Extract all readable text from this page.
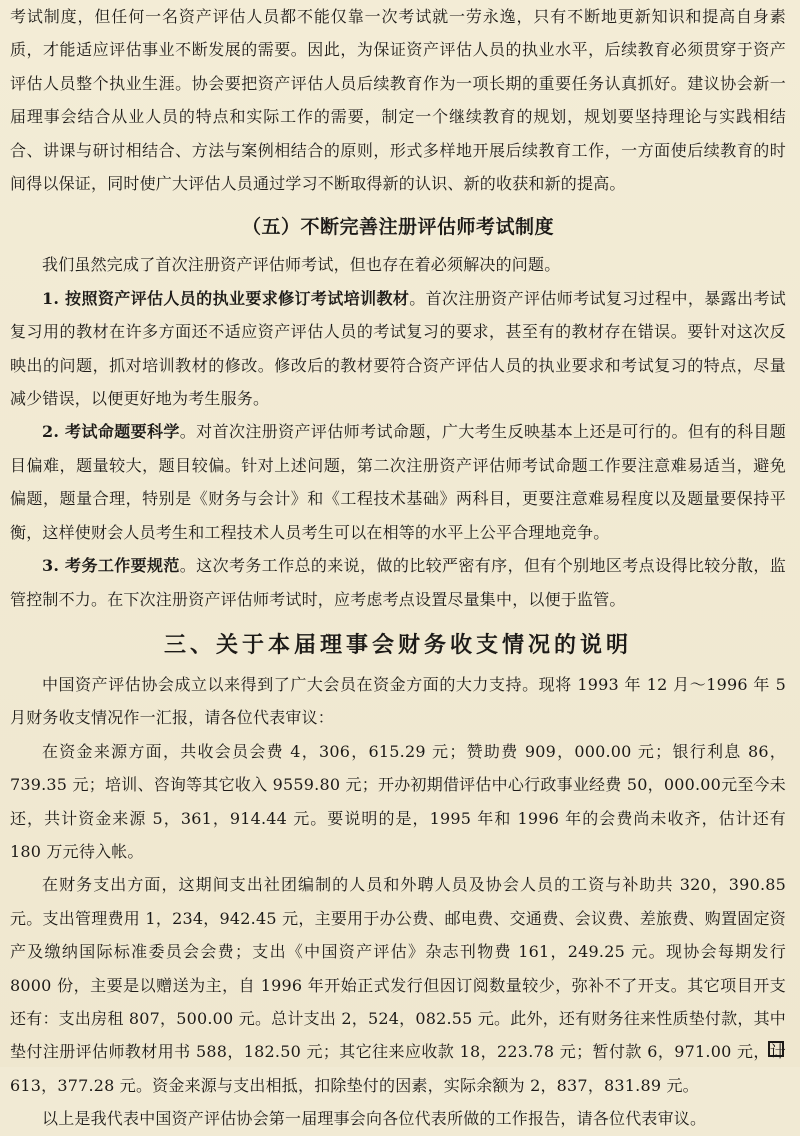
考试制度，但任何一名资产评估人员都不能仅靠一次考试就一劳永逸，只有不断地更新知识和提高自身素质，才能适应评估事业不断发展的需要。因此，为保证资产评估人员的执业水平，后续教育必须贯穿于资产评估人员整个执业生涯。协会要把资产评估人员后续教育作为一项长期的重要任务认真抓好。建议协会新一届理事会结合从业人员的特点和实际工作的需要，制定一个继续教育的规划，规划要坚持理论与实践相结合、讲课与研讨相结合、方法与案例相结合的原则，形式多样地开展后续教育工作，一方面使后续教育的时间得以保证，同时使广大评估人员通过学习不断取得新的认识、新的收获和新的提高。

（五）不断完善注册评估师考试制度

我们虽然完成了首次注册资产评估师考试，但也存在着必须解决的问题。

1. 按照资产评估人员的执业要求修订考试培训教材。首次注册资产评估师考试复习过程中，暴露出考试复习用的教材在许多方面还不适应资产评估人员的考试复习的要求，甚至有的教材存在错误。要针对这次反映出的问题，抓对培训教材的修改。修改后的教材要符合资产评估人员的执业要求和考试复习的特点，尽量减少错误，以便更好地为考生服务。

2. 考试命题要科学。对首次注册资产评估师考试命题，广大考生反映基本上还是可行的。但有的科目题目偏难，题量较大，题目较偏。针对上述问题，第二次注册资产评估师考试命题工作要注意难易适当，避免偏题，题量合理，特别是《财务与会计》和《工程技术基础》两科目，更要注意难易程度以及题量要保持平衡，这样使财会人员考生和工程技术人员考生可以在相等的水平上公平合理地竞争。

3. 考务工作要规范。这次考务工作总的来说，做的比较严密有序，但有个别地区考点设得比较分散，监管控制不力。在下次注册资产评估师考试时，应考虑考点设置尽量集中，以便于监管。

三、关于本届理事会财务收支情况的说明

中国资产评估协会成立以来得到了广大会员在资金方面的大力支持。现将 1993 年 12 月～1996 年 5 月财务收支情况作一汇报，请各位代表审议：

在资金来源方面，共收会员会费 4，306，615.29 元；赞助费 909，000.00 元；银行利息 86，739.35 元；培训、咨询等其它收入 9559.80 元；开办初期借评估中心行政事业经费 50，000.00元至今未还，共计资金来源 5，361，914.44 元。要说明的是，1995 年和 1996 年的会费尚未收齐，估计还有 180 万元待入帐。

在财务支出方面，这期间支出社团编制的人员和外聘人员及协会人员的工资与补助共 320，390.85 元。支出管理费用 1，234，942.45 元，主要用于办公费、邮电费、交通费、会议费、差旅费、购置固定资产及缴纳国际标准委员会会费；支出《中国资产评估》杂志刊物费 161，249.25 元。现协会每期发行 8000 份，主要是以赠送为主，自 1996 年开始正式发行但因订阅数量较少，弥补不了开支。其它项目开支还有：支出房租 807，500.00 元。总计支出 2，524，082.55 元。此外，还有财务往来性质垫付款，其中垫付注册评估师教材用书 588，182.50 元；其它往来应收款 18，223.78 元；暂付款 6，971.00 元，计 613，377.28 元。资金来源与支出相抵，扣除垫付的因素，实际余额为 2，837，831.89 元。

以上是我代表中国资产评估协会第一届理事会向各位代表所做的工作报告，请各位代表审议。
